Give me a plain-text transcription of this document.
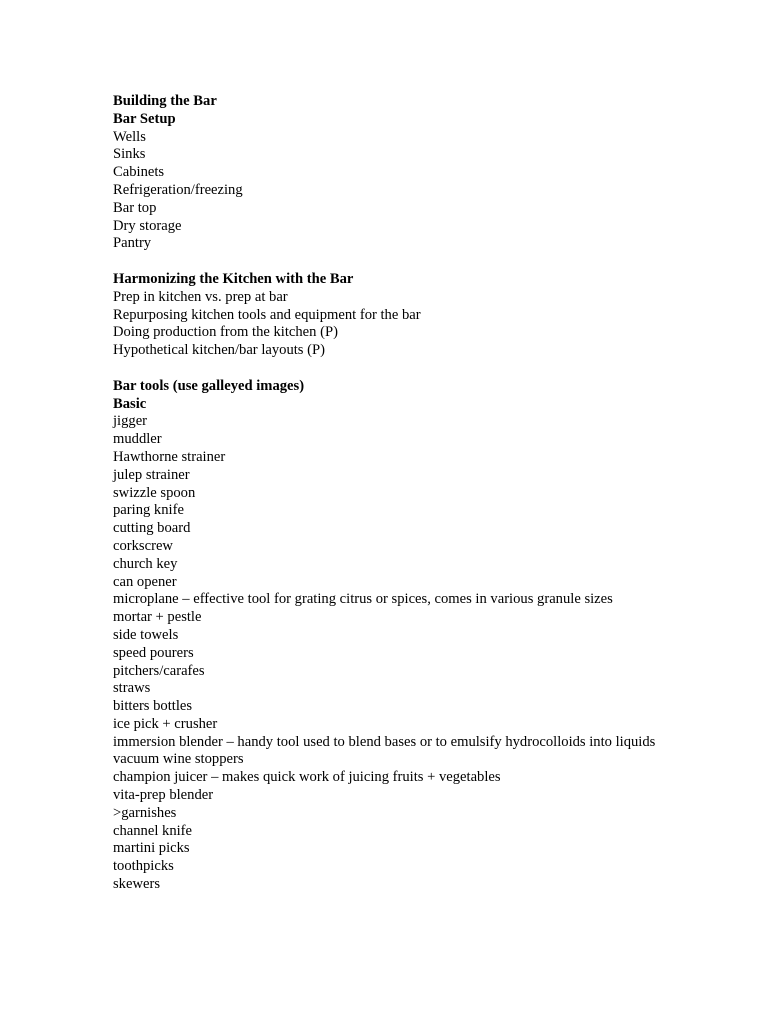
Building the Bar
Bar Setup
Wells
Sinks
Cabinets
Refrigeration/freezing
Bar top
Dry storage
Pantry
Harmonizing the Kitchen with the Bar
Prep in kitchen vs. prep at bar
Repurposing kitchen tools and equipment for the bar
Doing production from the kitchen (P)
Hypothetical kitchen/bar layouts (P)
Bar tools (use galleyed images)
Basic
jigger
muddler
Hawthorne strainer
julep strainer
swizzle spoon
paring knife
cutting board
corkscrew
church key
can opener
microplane – effective tool for grating citrus or spices, comes in various granule sizes
mortar + pestle
side towels
speed pourers
pitchers/carafes
straws
bitters bottles
ice pick + crusher
immersion blender – handy tool used to blend bases or to emulsify hydrocolloids into liquids
vacuum wine stoppers
champion juicer – makes quick work of juicing fruits + vegetables
vita-prep blender
>garnishes
channel knife
martini picks
toothpicks
skewers
